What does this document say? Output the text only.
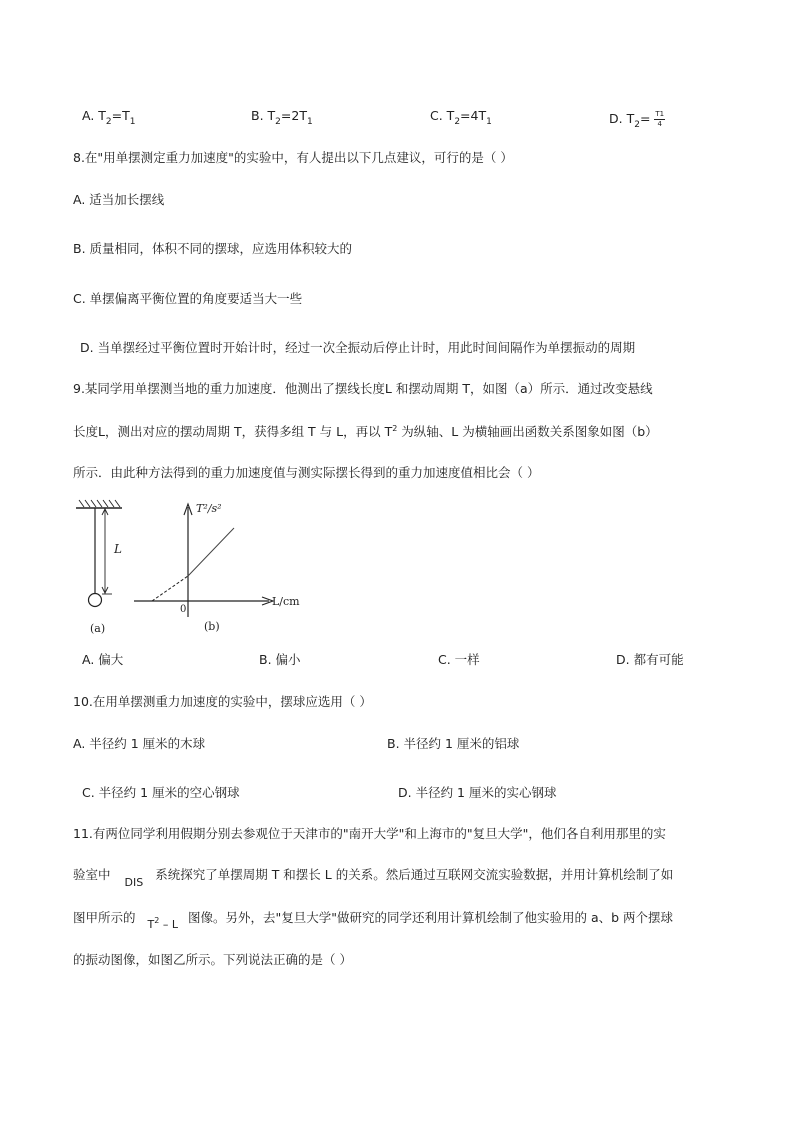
A. $T_2=T_1$	B. $T_2=2T_1$	C. $T_2=4T_1$	D. $T_2= \frac{T1}{4}$
8.在"用单摆测定重力加速度"的实验中，有人提出以下几点建议，可行的是（ ）
A. 适当加长摆线
B. 质量相同，体积不同的摆球，应选用体积较大的
C. 单摆偏离平衡位置的角度要适当大一些
D. 当单摆经过平衡位置时开始计时，经过一次全振动后停止计时，用此时间间隔作为单摆振动的周期
9.某同学用单摆测当地的重力加速度．他测出了摆线长度L 和摆动周期 T，如图（a）所示．通过改变悬线
长度L，测出对应的摆动周期 T，获得多组 T 与 L，再以 $T^2$ 为纵轴、L 为横轴画出函数关系图象如图（b）
所示．由此种方法得到的重力加速度值与测实际摆长得到的重力加速度值相比会（ ）
L
(a)
T²/s²
L/cm
0
(b)
A. 偏大	B. 偏小	C. 一样	D. 都有可能
10.在用单摆测重力加速度的实验中，摆球应选用（ ）
A. 半径约 1 厘米的木球	B. 半径约 1 厘米的铝球
C. 半径约 1 厘米的空心钢球	D. 半径约 1 厘米的实心钢球
11.有两位同学利用假期分别去参观位于天津市的"南开大学"和上海市的"复旦大学"，他们各自利用那里的实
验室中DIS系统探究了单摆周期 T 和摆长 L 的关系。然后通过互联网交流实验数据，并用计算机绘制了如
图甲所示的 $T^2$ – L 图像。另外，去"复旦大学"做研究的同学还利用计算机绘制了他实验用的 a、b 两个摆球
的振动图像，如图乙所示。下列说法正确的是（ ）
